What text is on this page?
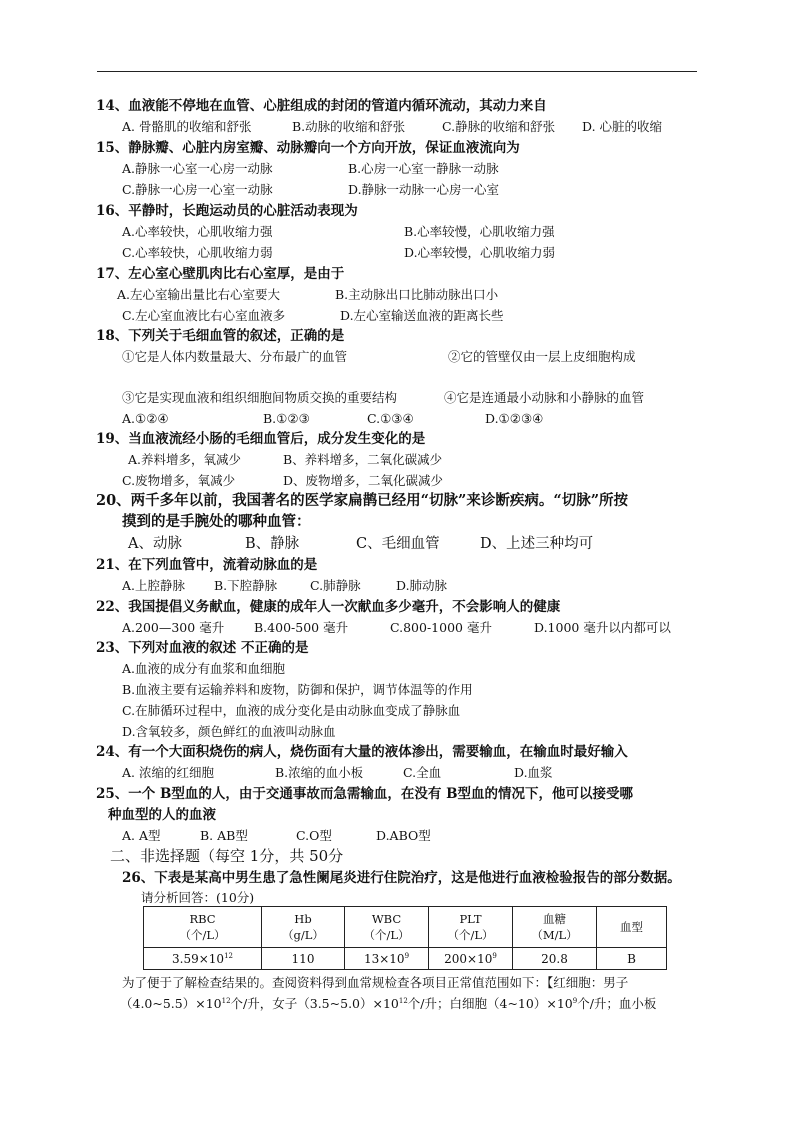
14、血液能不停地在血管、心脏组成的封闭的管道内循环流动，其动力来自
A. 骨骼肌的收缩和舒张	B.动脉的收缩和舒张	C.静脉的收缩和舒张 D. 心脏的收缩
15、静脉瓣、心脏内房室瓣、动脉瓣向一个方向开放，保证血液流向为
A.静脉一心室一心房一动脉	B.心房一心室一静脉一动脉
C.静脉一心房一心室一动脉	D.静脉一动脉一心房一心室
16、平静时，长跑运动员的心脏活动表现为
A.心率较快，心肌收缩力强	B.心率较慢，心肌收缩力强
C.心率较快，心肌收缩力弱	D.心率较慢，心肌收缩力弱
17、左心室心壁肌肉比右心室厚，是由于
A.左心室输出量比右心室要大	B.主动脉出口比肺动脉出口小
C.左心室血液比右心室血液多	D.左心室输送血液的距离长些
18、下列关于毛细血管的叙述，正确的是
①它是人体内数量最大、分布最广的血管	②它的管壁仅由一层上皮细胞构成
③它是实现血液和组织细胞间物质交换的重要结构	④它是连通最小动脉和小静脉的血管
A.①②④	B.①②③	C.①③④	D.①②③④
19、当血液流经小肠的毛细血管后，成分发生变化的是
A.养料增多，氧减少	B、养料增多，二氧化碳减少
C.废物增多，氧减少	D、废物增多，二氧化碳减少
20、两千多年以前，我国著名的医学家扁鹊已经用“切脉”来诊断疾病。“切脉”所按
摸到的是手腕处的哪种血管：
A、动脉	B、静脉	C、毛细血管	D、上述三种均可
21、在下列血管中，流着动脉血的是
A.上腔静脉 B.下腔静脉	C.肺静脉	D.肺动脉
22、我国提倡义务献血，健康的成年人一次献血多少毫升，不会影响人的健康
A.200—300 毫升 B.400-500 毫升	C.800-1000 毫升	D.1000 毫升以内都可以
23、下列对血液的叙述 不正确的是
A.血液的成分有血浆和血细胞
B.血液主要有运输养料和废物，防御和保护，调节体温等的作用
C.在肺循环过程中，血液的成分变化是由动脉血变成了静脉血
D.含氧较多，颜色鲜红的血液叫动脉血
24、有一个大面积烧伤的病人，烧伤面有大量的液体渗出，需要输血，在输血时最好输入
A. 浓缩的红细胞	B.浓缩的血小板	C.全血	D.血浆
25、一个 B型血的人，由于交通事故而急需输血，在没有 B型血的情况下，他可以接受哪
种血型的人的血液
A. A型	B. AB型	C.O型	D.ABO型
二、非选择题（每空 1分，共 50分
26、下表是某高中男生患了急性阑尾炎进行住院治疗，这是他进行血液检验报告的部分数据。
请分析回答：(10分)
RBC
（个/L）	Hb
（g/L）	WBC
（个/L）	PLT
（个/L）	血糖
（M/L）	血型
$3.59\times 10^{12}$	110	$13\times 10^9$	$200\times 10^9$	20.8	B
为了便于了解检查结果的。查阅资料得到血常规检查各项目正常值范围如下：【红细胞：男子
$(4.0\sim 5.5)\times 10^{12}$个/升，女子$(3.5\sim 5.0)\times 10^{12}$个/升；白细胞$(4\sim 10)\times 10^9$个/升；血小板
